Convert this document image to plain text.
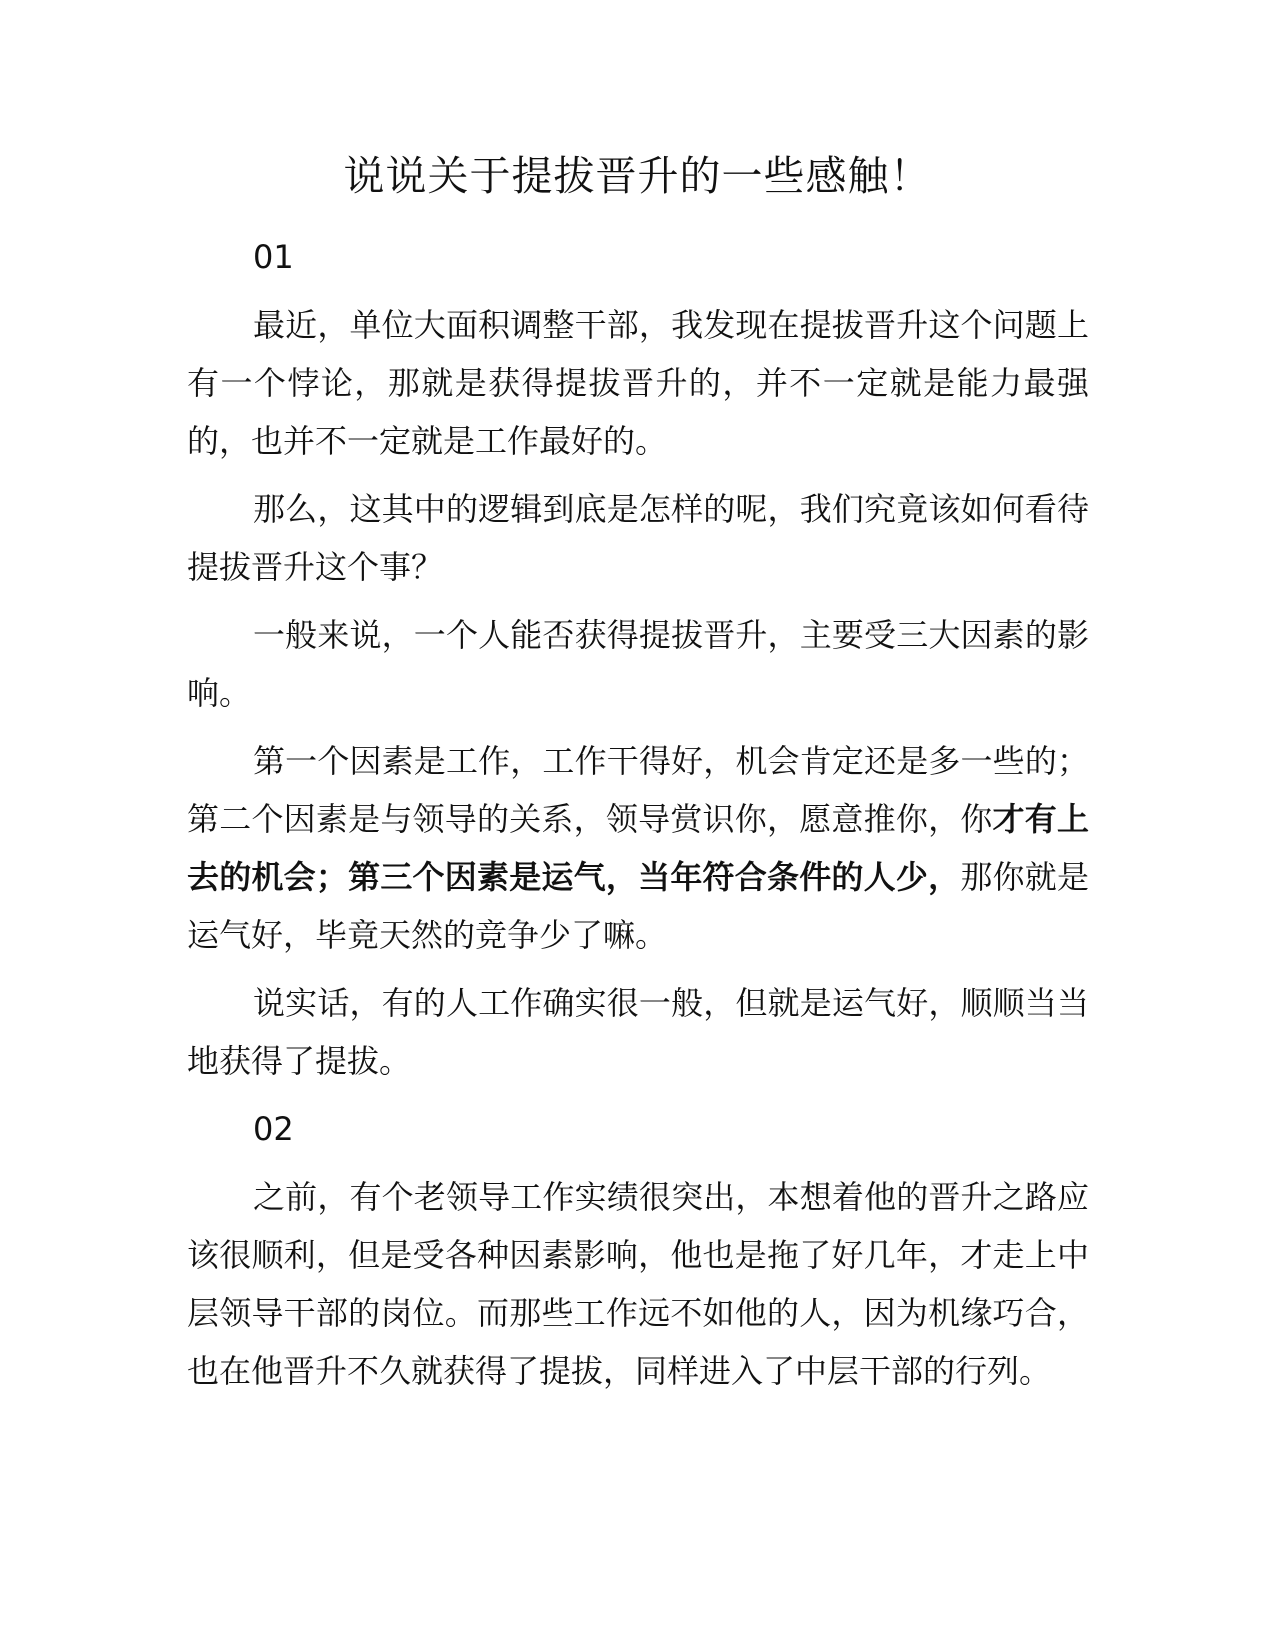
说说关于提拔晋升的一些感触！
01

最近，单位大面积调整干部，我发现在提拔晋升这个问题上有一个悖论，那就是获得提拔晋升的，并不一定就是能力最强的，也并不一定就是工作最好的。

那么，这其中的逻辑到底是怎样的呢，我们究竟该如何看待提拔晋升这个事？

一般来说，一个人能否获得提拔晋升，主要受三大因素的影响。

第一个因素是工作，工作干得好，机会肯定还是多一些的；第二个因素是与领导的关系，领导赏识你，愿意推你，你才有上去的机会；第三个因素是运气，当年符合条件的人少，那你就是运气好，毕竟天然的竞争少了嘛。

说实话，有的人工作确实很一般，但就是运气好，顺顺当当地获得了提拔。

02

之前，有个老领导工作实绩很突出，本想着他的晋升之路应该很顺利，但是受各种因素影响，他也是拖了好几年，才走上中层领导干部的岗位。而那些工作远不如他的人，因为机缘巧合，也在他晋升不久就获得了提拔，同样进入了中层干部的行列。
